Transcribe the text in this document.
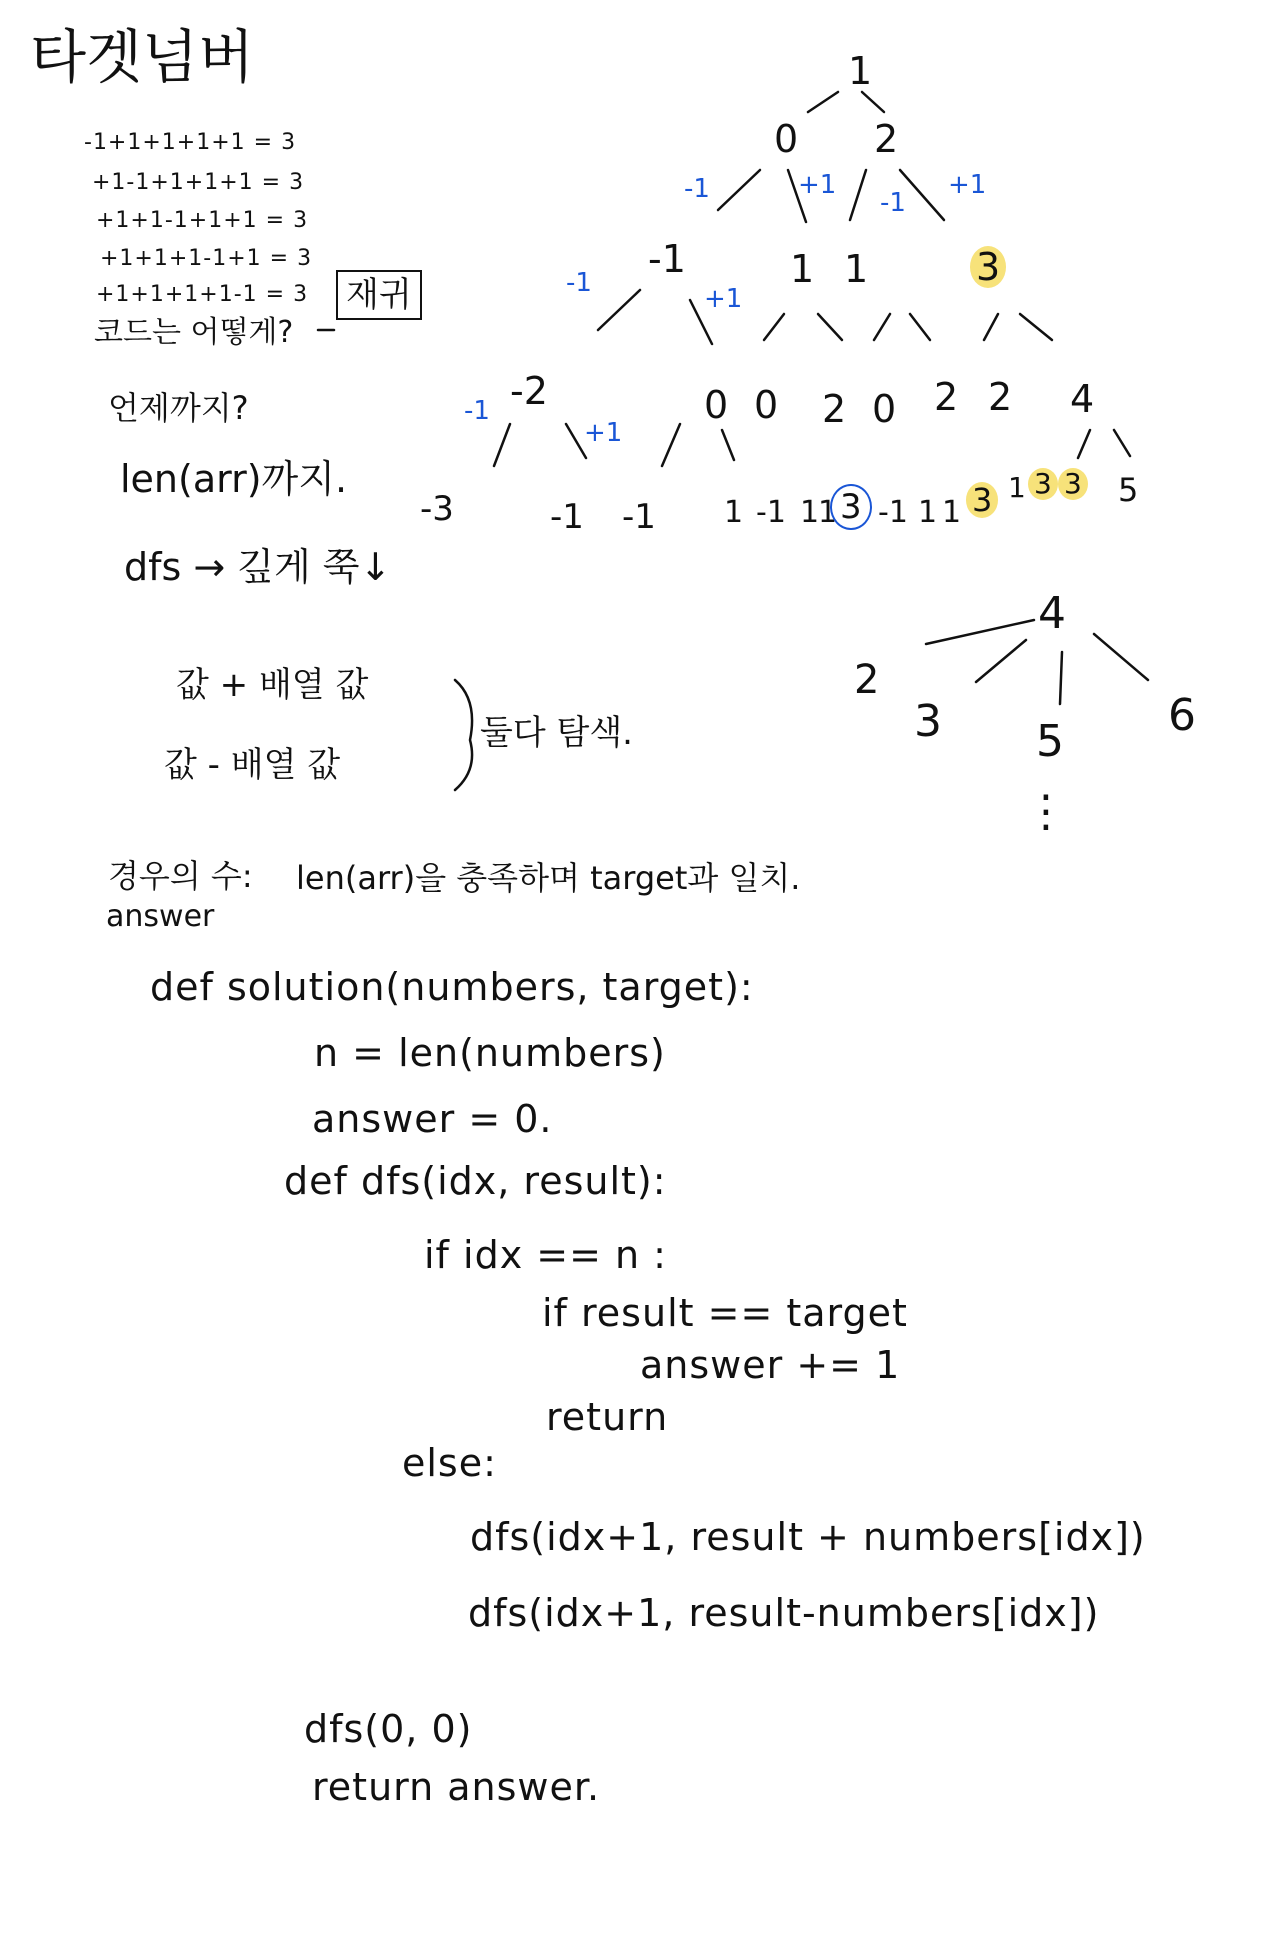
타겟넘버
-1+1+1+1+1 = 3
+1-1+1+1+1 = 3
+1+1-1+1+1 = 3
+1+1+1-1+1 = 3
+1+1+1+1-1 = 3
코드는 어떻게?
재귀
언제까지?
len(arr)까지.
dfs → 깊게 쭉↓
값 + 배열 값
값 - 배열 값
둘다 탐색.
경우의 수:
answer
len(arr)을 충족하며 target과 일치.
1
0 2
-1	1 1	3
-2	0 0 2 0 2 2 4
-1	+1
-1
+1
-1
+1
-1
+1
-3	-1 -1 1 -1 1
1 3 -1 1 1 3 1 3 3 5
4
2
3 5
6
⋮
def solution(numbers, target):
n = len(numbers)
answer = 0.
def dfs(idx, result):
if idx == n :
if result == target
answer += 1
return
else:
dfs(idx+1, result + numbers[idx])
dfs(idx+1, result-numbers[idx])
dfs(0, 0)
return answer.
